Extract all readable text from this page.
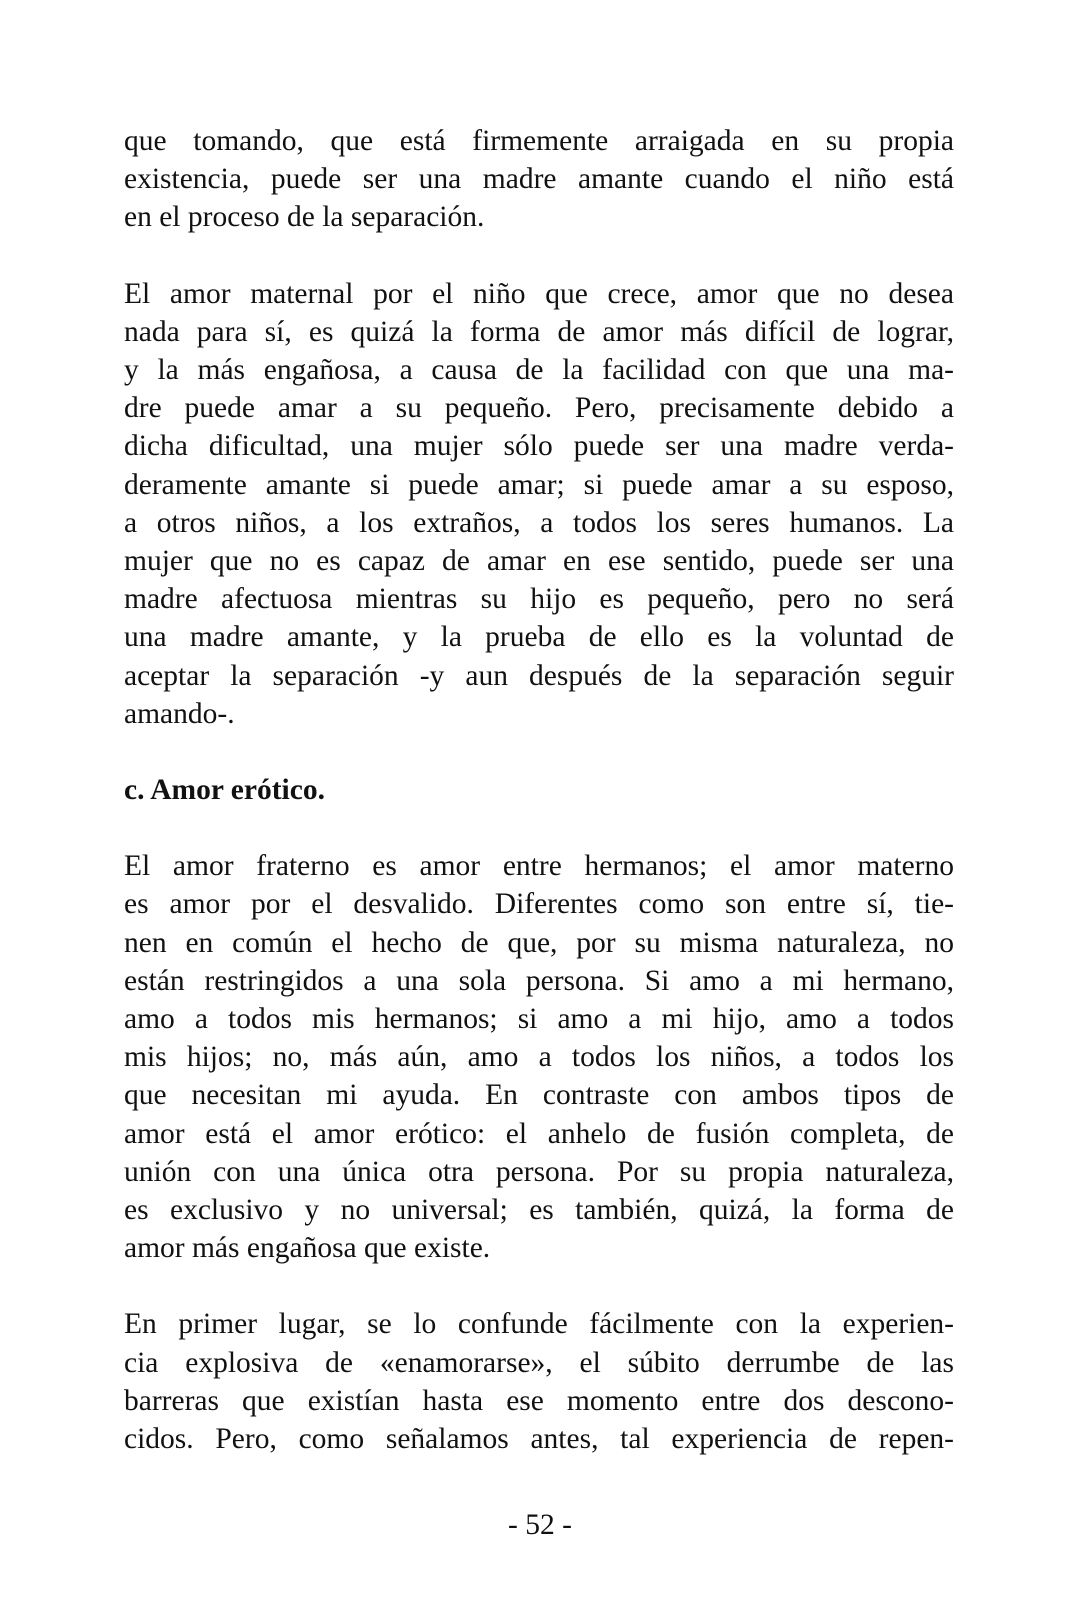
que tomando, que está firmemente arraigada en su propia
existencia, puede ser una madre amante cuando el niño está
en el proceso de la separación.

El amor maternal por el niño que crece, amor que no desea
nada para sí, es quizá la forma de amor más difícil de lograr,
y la más engañosa, a causa de la facilidad con que una ma-
dre puede amar a su pequeño. Pero, precisamente debido a
dicha dificultad, una mujer sólo puede ser una madre verda-
deramente amante si puede amar; si puede amar a su esposo,
a otros niños, a los extraños, a todos los seres humanos. La
mujer que no es capaz de amar en ese sentido, puede ser una
madre afectuosa mientras su hijo es pequeño, pero no será
una madre amante, y la prueba de ello es la voluntad de
aceptar la separación -y aun después de la separación seguir
amando-.

c. Amor erótico.

El amor fraterno es amor entre hermanos; el amor materno
es amor por el desvalido. Diferentes como son entre sí, tie-
nen en común el hecho de que, por su misma naturaleza, no
están restringidos a una sola persona. Si amo a mi hermano,
amo a todos mis hermanos; si amo a mi hijo, amo a todos
mis hijos; no, más aún, amo a todos los niños, a todos los
que necesitan mi ayuda. En contraste con ambos tipos de
amor está el amor erótico: el anhelo de fusión completa, de
unión con una única otra persona. Por su propia naturaleza,
es exclusivo y no universal; es también, quizá, la forma de
amor más engañosa que existe.

En primer lugar, se lo confunde fácilmente con la experien-
cia explosiva de «enamorarse», el súbito derrumbe de las
barreras que existían hasta ese momento entre dos descono-
cidos. Pero, como señalamos antes, tal experiencia de repen-

- 52 -
